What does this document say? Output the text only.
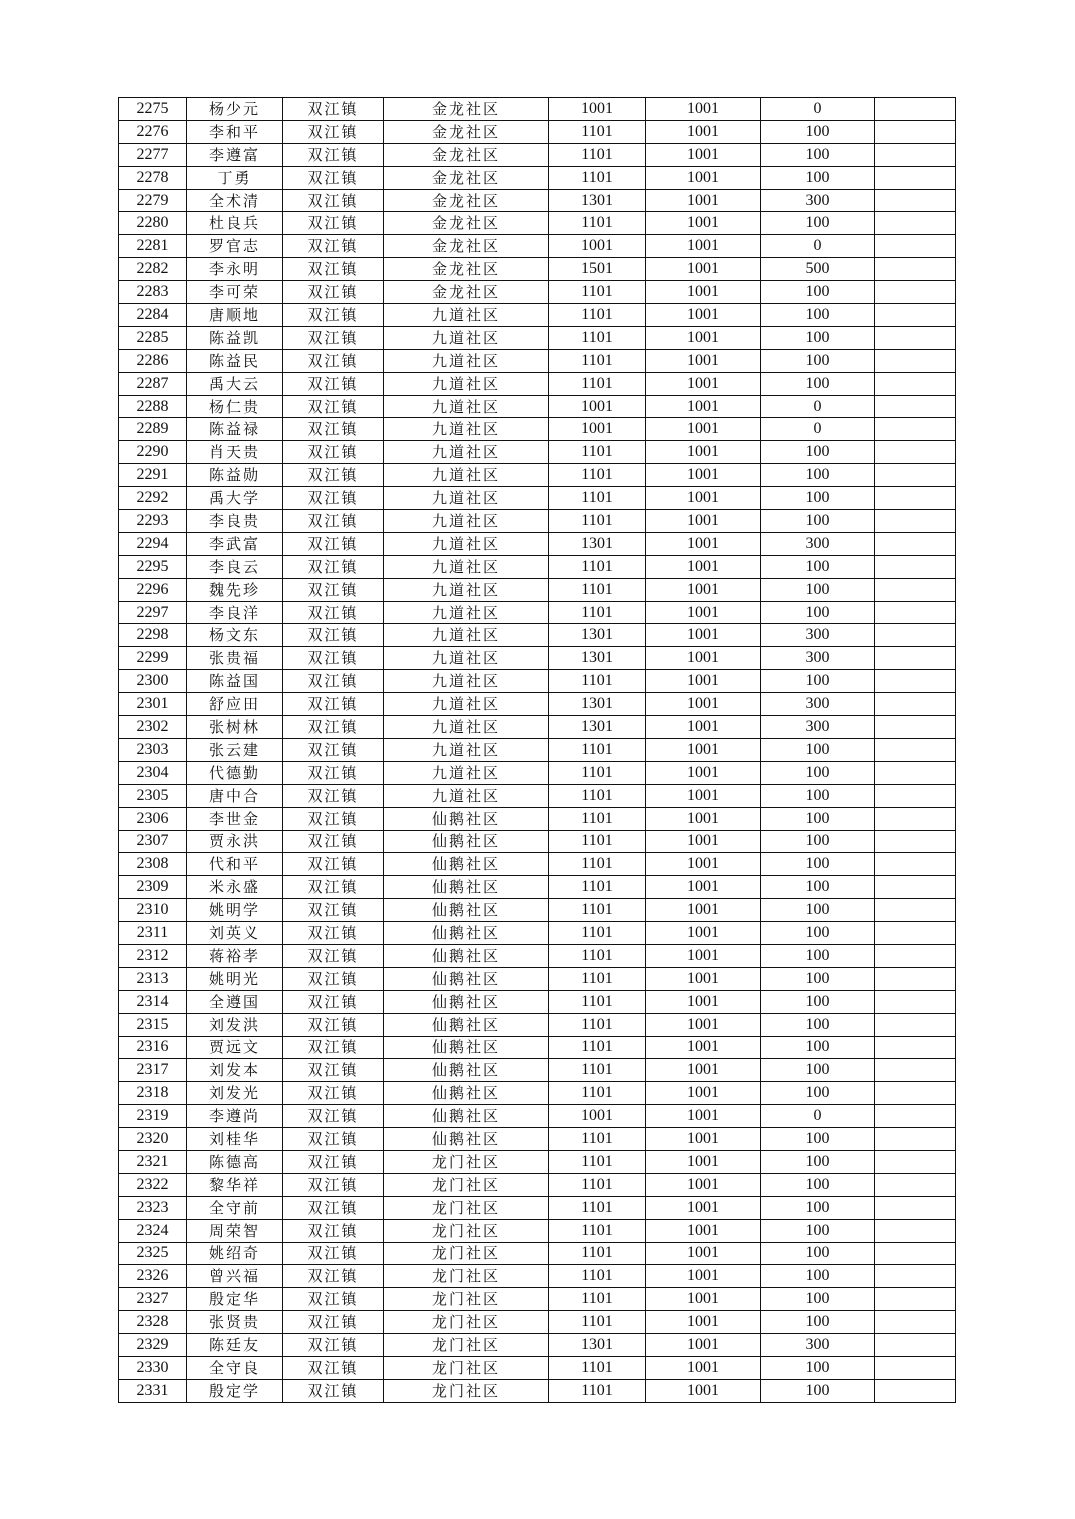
2275	杨少元	双江镇	金龙社区	1001	1001	0	
2276	李和平	双江镇	金龙社区	1101	1001	100	
2277	李遵富	双江镇	金龙社区	1101	1001	100	
2278	丁勇	双江镇	金龙社区	1101	1001	100	
2279	全术清	双江镇	金龙社区	1301	1001	300	
2280	杜良兵	双江镇	金龙社区	1101	1001	100	
2281	罗官志	双江镇	金龙社区	1001	1001	0	
2282	李永明	双江镇	金龙社区	1501	1001	500	
2283	李可荣	双江镇	金龙社区	1101	1001	100	
2284	唐顺地	双江镇	九道社区	1101	1001	100	
2285	陈益凯	双江镇	九道社区	1101	1001	100	
2286	陈益民	双江镇	九道社区	1101	1001	100	
2287	禹大云	双江镇	九道社区	1101	1001	100	
2288	杨仁贵	双江镇	九道社区	1001	1001	0	
2289	陈益禄	双江镇	九道社区	1001	1001	0	
2290	肖天贵	双江镇	九道社区	1101	1001	100	
2291	陈益勋	双江镇	九道社区	1101	1001	100	
2292	禹大学	双江镇	九道社区	1101	1001	100	
2293	李良贵	双江镇	九道社区	1101	1001	100	
2294	李武富	双江镇	九道社区	1301	1001	300	
2295	李良云	双江镇	九道社区	1101	1001	100	
2296	魏先珍	双江镇	九道社区	1101	1001	100	
2297	李良洋	双江镇	九道社区	1101	1001	100	
2298	杨文东	双江镇	九道社区	1301	1001	300	
2299	张贵福	双江镇	九道社区	1301	1001	300	
2300	陈益国	双江镇	九道社区	1101	1001	100	
2301	舒应田	双江镇	九道社区	1301	1001	300	
2302	张树林	双江镇	九道社区	1301	1001	300	
2303	张云建	双江镇	九道社区	1101	1001	100	
2304	代德勤	双江镇	九道社区	1101	1001	100	
2305	唐中合	双江镇	九道社区	1101	1001	100	
2306	李世金	双江镇	仙鹅社区	1101	1001	100	
2307	贾永洪	双江镇	仙鹅社区	1101	1001	100	
2308	代和平	双江镇	仙鹅社区	1101	1001	100	
2309	米永盛	双江镇	仙鹅社区	1101	1001	100	
2310	姚明学	双江镇	仙鹅社区	1101	1001	100	
2311	刘英义	双江镇	仙鹅社区	1101	1001	100	
2312	蒋裕孝	双江镇	仙鹅社区	1101	1001	100	
2313	姚明光	双江镇	仙鹅社区	1101	1001	100	
2314	全遵国	双江镇	仙鹅社区	1101	1001	100	
2315	刘发洪	双江镇	仙鹅社区	1101	1001	100	
2316	贾远文	双江镇	仙鹅社区	1101	1001	100	
2317	刘发本	双江镇	仙鹅社区	1101	1001	100	
2318	刘发光	双江镇	仙鹅社区	1101	1001	100	
2319	李遵尚	双江镇	仙鹅社区	1001	1001	0	
2320	刘桂华	双江镇	仙鹅社区	1101	1001	100	
2321	陈德高	双江镇	龙门社区	1101	1001	100	
2322	黎华祥	双江镇	龙门社区	1101	1001	100	
2323	全守前	双江镇	龙门社区	1101	1001	100	
2324	周荣智	双江镇	龙门社区	1101	1001	100	
2325	姚绍奇	双江镇	龙门社区	1101	1001	100	
2326	曾兴福	双江镇	龙门社区	1101	1001	100	
2327	殷定华	双江镇	龙门社区	1101	1001	100	
2328	张贤贵	双江镇	龙门社区	1101	1001	100	
2329	陈廷友	双江镇	龙门社区	1301	1001	300	
2330	全守良	双江镇	龙门社区	1101	1001	100	
2331	殷定学	双江镇	龙门社区	1101	1001	100	
